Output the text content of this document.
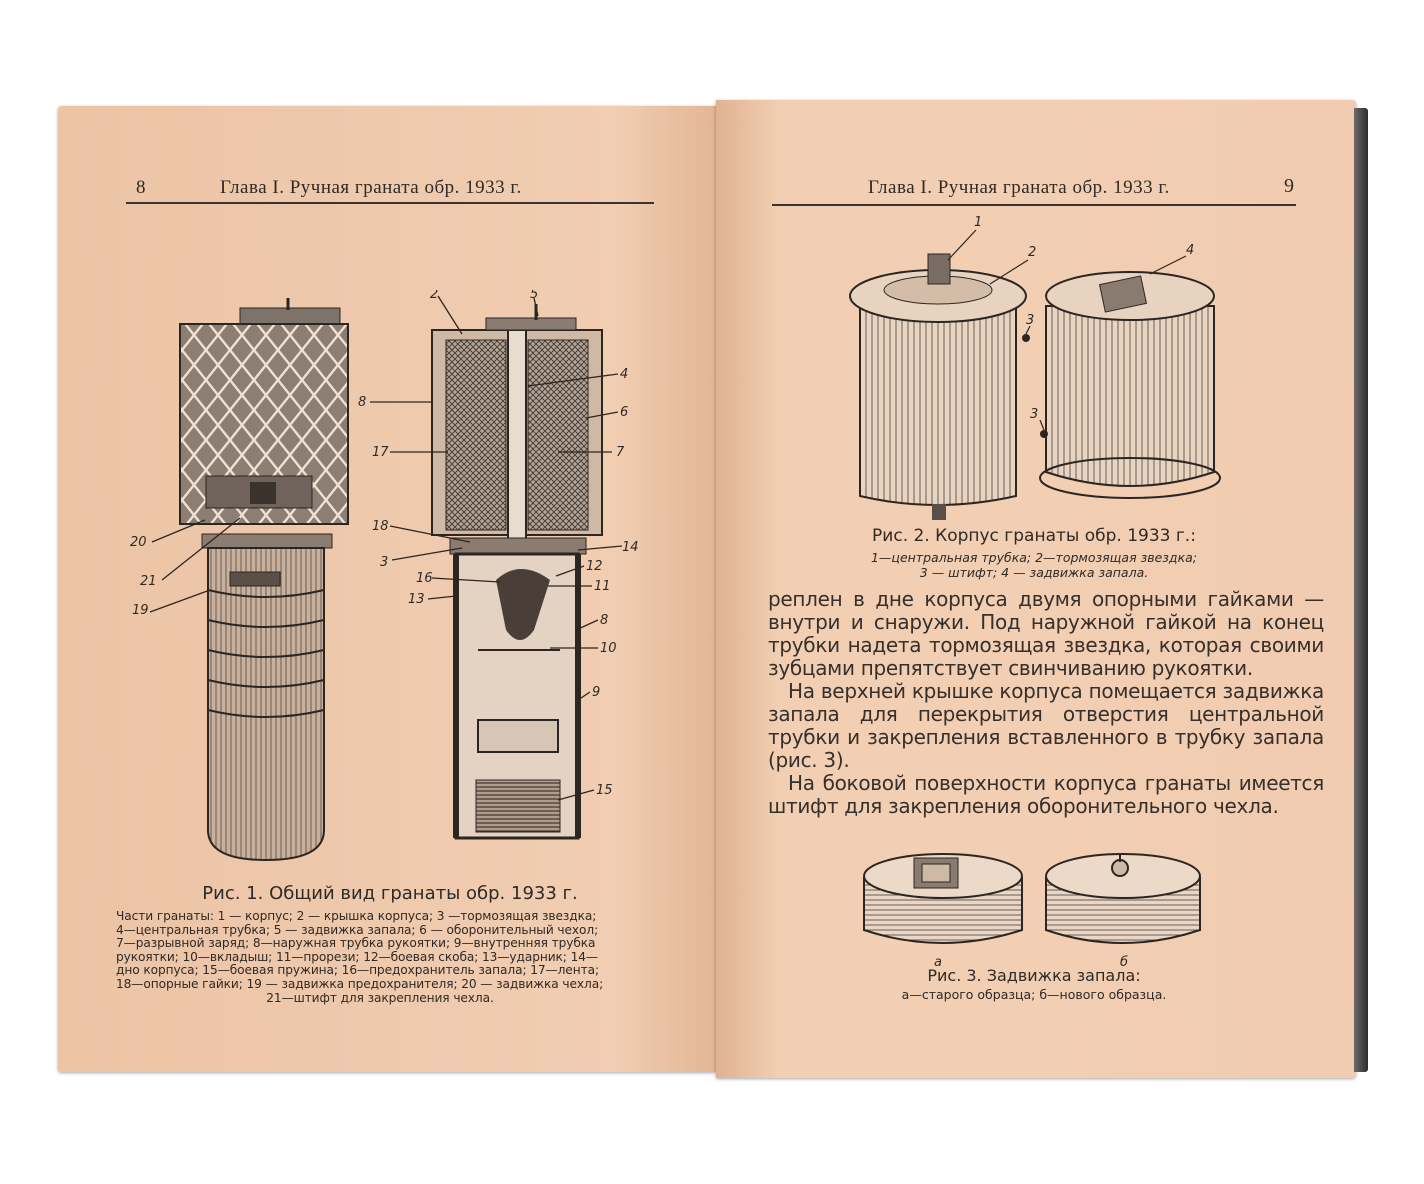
8	Глава I. Ручная граната обр. 1933 г.
20
21
19
2	5
4
6
7
8
17
18
3
14
12
11
16
13
8
10
9
15
Рис. 1. Общий вид гранаты обр. 1933 г.
Части гранаты: 1 — корпус; 2 — крышка корпуса; 3 —тормозящая звездка;
4—центральная трубка; 5 — задвижка запала; 6 — оборонительный чехол;
7—разрывной заряд; 8—наружная трубка рукоятки; 9—внутренняя трубка
рукоятки; 10—вкладыш; 11—прорези; 12—боевая скоба; 13—ударник; 14—
дно корпуса; 15—боевая пружина; 16—предохранитель запала; 17—лента;
18—опорные гайки; 19 — задвижка предохранителя; 20 — задвижка чехла;
21—штифт для закрепления чехла.
Глава I. Ручная граната обр. 1933 г.	9
1
2
3
4
3
Рис. 2. Корпус гранаты обр. 1933 г.:
1—центральная трубка; 2—тормозящая звездка;
3 — штифт; 4 — задвижка запала.

реплен в дне корпуса двумя опорными гайками — внутри и снаружи. Под наружной гайкой на конец трубки надета тормозящая звездка, которая своими зубцами препятствует свинчиванию рукоятки.

На верхней крышке корпуса помещается задвижка запала для перекрытия отверстия центральной трубки и закрепления вставленного в трубку запала (рис. 3).

На боковой поверхности корпуса гранаты имеется штифт для закрепления оборонительного чехла.

а	б
Рис. 3. Задвижка запала:
а—старого образца; б—нового образца.
